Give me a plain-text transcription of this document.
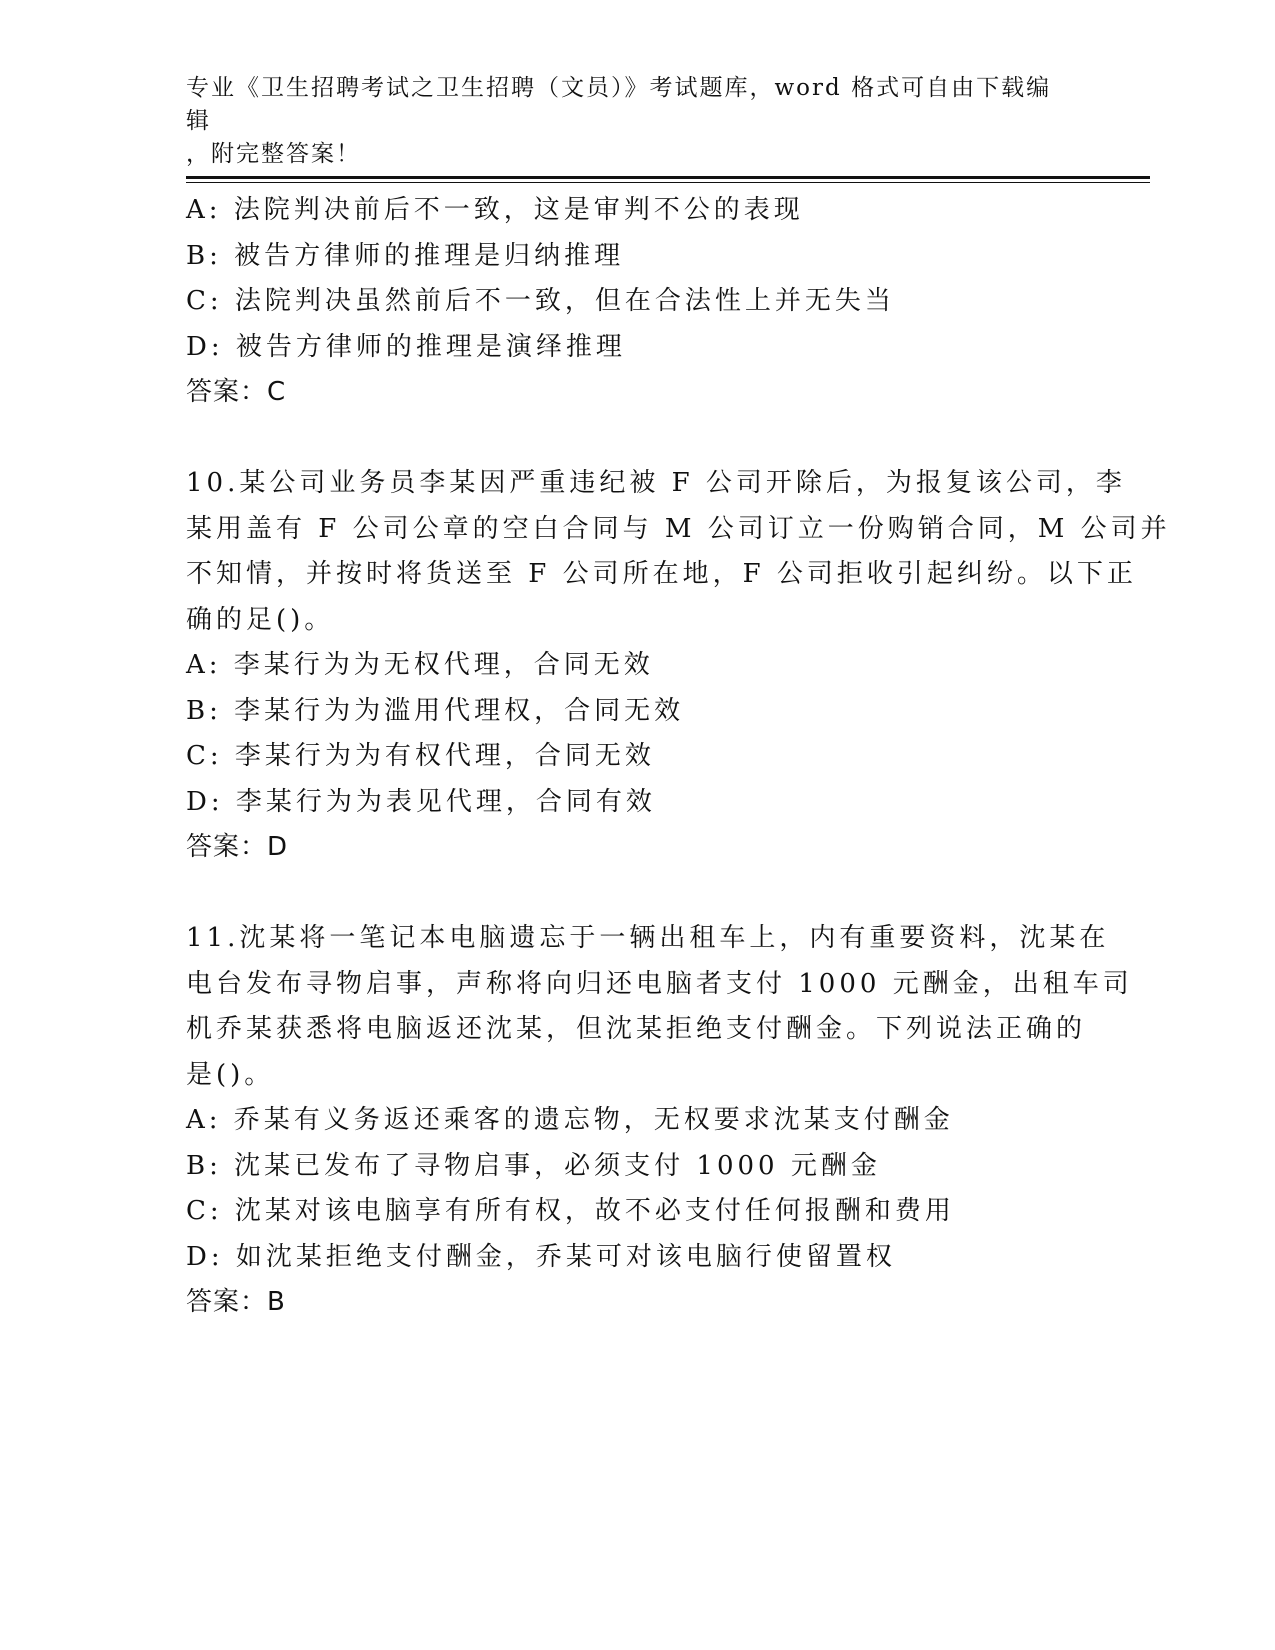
专业《卫生招聘考试之卫生招聘（文员）》考试题库，word 格式可自由下载编辑
，附完整答案！
A: 法院判决前后不一致，这是审判不公的表现
B: 被告方律师的推理是归纳推理
C: 法院判决虽然前后不一致，但在合法性上并无失当
D: 被告方律师的推理是演绎推理
答案：C
10.某公司业务员李某因严重违纪被 F 公司开除后，为报复该公司，李
某用盖有 F 公司公章的空白合同与 M 公司订立一份购销合同，M 公司并
不知情，并按时将货送至 F 公司所在地，F 公司拒收引起纠纷。以下正
确的足()。
A: 李某行为为无权代理，合同无效
B: 李某行为为滥用代理权，合同无效
C: 李某行为为有权代理，合同无效
D: 李某行为为表见代理，合同有效
答案：D
11.沈某将一笔记本电脑遗忘于一辆出租车上，内有重要资料，沈某在
电台发布寻物启事，声称将向归还电脑者支付 1000 元酬金，出租车司
机乔某获悉将电脑返还沈某，但沈某拒绝支付酬金。下列说法正确的
是()。
A: 乔某有义务返还乘客的遗忘物，无权要求沈某支付酬金
B: 沈某已发布了寻物启事，必须支付 1000 元酬金
C: 沈某对该电脑享有所有权，故不必支付任何报酬和费用
D: 如沈某拒绝支付酬金，乔某可对该电脑行使留置权
答案：B
